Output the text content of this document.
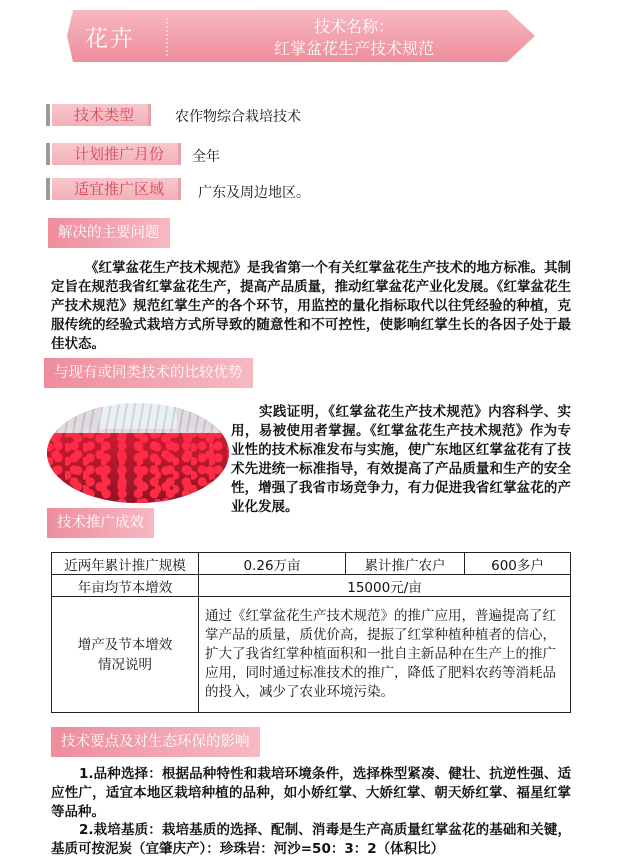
花卉	技术名称：
红掌盆花生产技术规范
技术类型	农作物综合栽培技术
计划推广月份	全年
适宜推广区域	广东及周边地区。
解决的主要问题
《红掌盆花生产技术规范》是我省第一个有关红掌盆花生产技术的地方标准。其制定旨在规范我省红掌盆花生产，提高产品质量，推动红掌盆花产业化发展。《红掌盆花生产技术规范》规范红掌生产的各个环节，用监控的量化指标取代以往凭经验的种植，克服传统的经验式栽培方式所导致的随意性和不可控性，使影响红掌生长的各因子处于最佳状态。
与现有或同类技术的比较优势
实践证明，《红掌盆花生产技术规范》内容科学、实用，易被使用者掌握。《红掌盆花生产技术规范》作为专业性的技术标准发布与实施，使广东地区红掌盆花有了技术先进统一标准指导，有效提高了产品质量和生产的安全性，增强了我省市场竞争力，有力促进我省红掌盆花的产业化发展。
技术推广成效
近两年累计推广规模	0.26万亩	累计推广农户	600多户
年亩均节本增效	15000元/亩		
增产及节本增效情况说明	通过《红掌盆花生产技术规范》的推广应用，普遍提高了红掌产品的质量，质优价高，提振了红掌种植种植者的信心，扩大了我省红掌种植面积和一批自主新品种在生产上的推广应用，同时通过标准技术的推广，降低了肥料农药等消耗品的投入，减少了农业环境污染。		
技术要点及对生态环保的影响
1.品种选择：根据品种特性和栽培环境条件，选择株型紧凑、健壮、抗逆性强、适应性广，适宜本地区栽培种植的品种，如小娇红掌、大娇红掌、朝天娇红掌、福星红掌等品种。
2.栽培基质：栽培基质的选择、配制、消毒是生产高质量红掌盆花的基础和关键，基质可按泥炭（宜肇庆产）：珍珠岩：河沙=50：3：2（体积比）
